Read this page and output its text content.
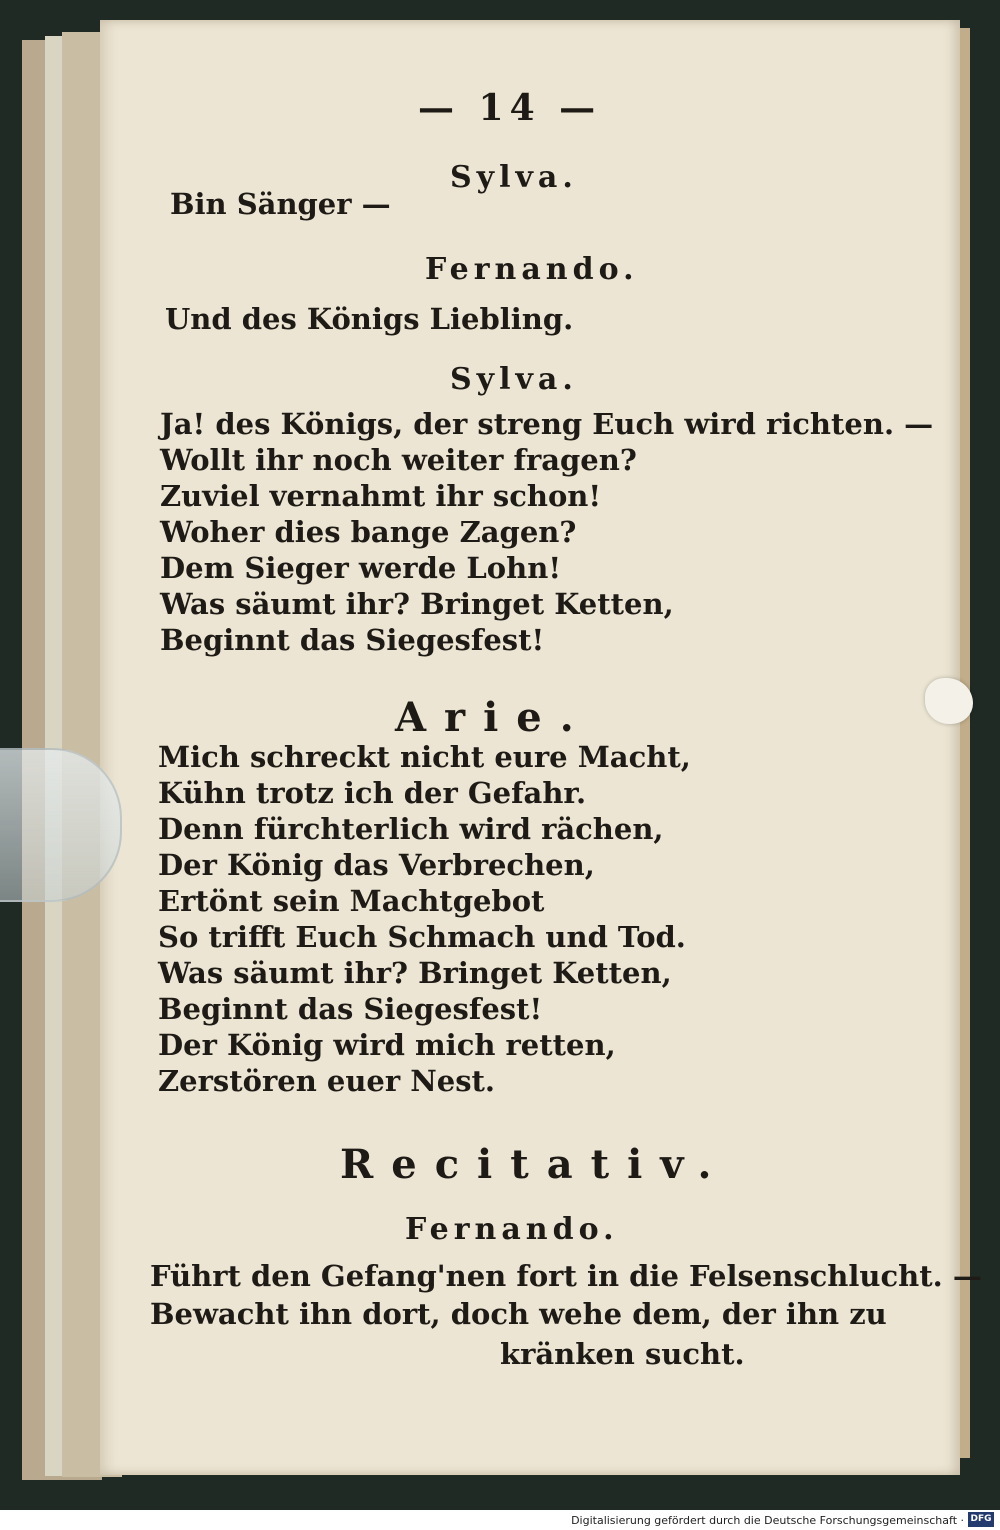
— 14 —
Sylva.
Bin Sänger —
Fernando.
Und des Königs Liebling.
Sylva.
Ja! des Königs, der streng Euch wird richten. —
Wollt ihr noch weiter fragen?
Zuviel vernahmt ihr schon!
Woher dies bange Zagen?
Dem Sieger werde Lohn!
Was säumt ihr? Bringet Ketten,
Beginnt das Siegesfest!
Arie.
Mich schreckt nicht eure Macht,
Kühn trotz ich der Gefahr.
Denn fürchterlich wird rächen,
Der König das Verbrechen,
Ertönt sein Machtgebot
So trifft Euch Schmach und Tod.
Was säumt ihr? Bringet Ketten,
Beginnt das Siegesfest!
Der König wird mich retten,
Zerstören euer Nest.
Recitativ.
Fernando.
Führt den Gefang'nen fort in die Felsenschlucht. —
Bewacht ihn dort, doch wehe dem, der ihn zu
kränken sucht.
Digitalisierung gefördert durch die Deutsche Forschungsgemeinschaft · DFG
